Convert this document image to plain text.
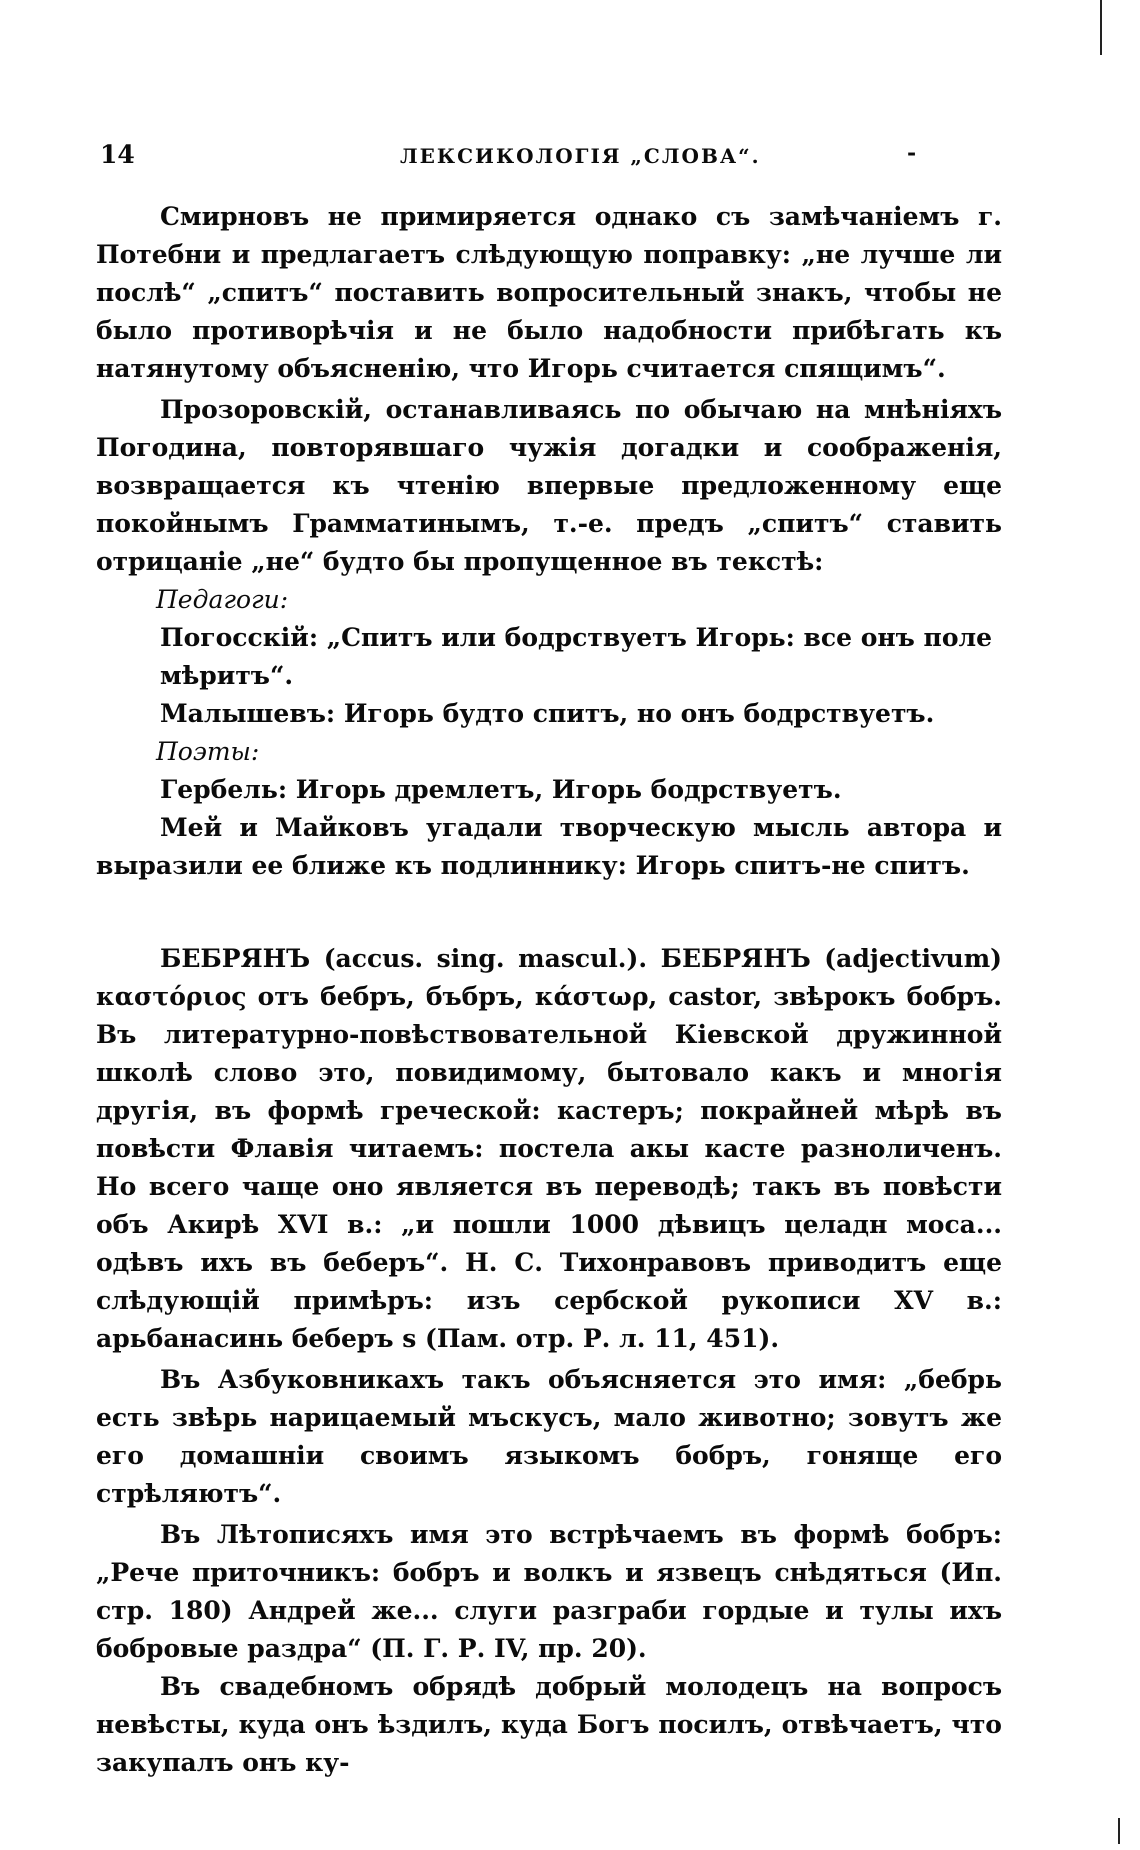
14	ЛЕКСИКОЛОГІЯ „СЛОВА“.	-

Смирновъ не примиряется однако съ замѣчаніемъ г. Потебни и предлагаетъ слѣдующую поправку: „не лучше ли послѣ“ „спитъ“ поставить вопросительный знакъ, чтобы не было противорѣчія и не было надобности прибѣгать къ натянутому объясненію, что Игорь считается спящимъ“.

Прозоровскій, останавливаясь по обычаю на мнѣніяхъ Погодина, повторявшаго чужія догадки и соображенія, возвращается къ чтенію впервые предложенному еще покойнымъ Грамматинымъ, т.-е. предъ „спитъ“ ставить отрицаніе „не“ будто бы пропущенное въ текстѣ:

Педагоги:

Погосскій: „Спитъ или бодрствуетъ Игорь: все онъ поле мѣритъ“.

Малышевъ: Игорь будто спитъ, но онъ бодрствуетъ.

Поэты:

Гербель: Игорь дремлетъ, Игорь бодрствуетъ.

Мей и Майковъ угадали творческую мысль автора и выразили ее ближе къ подлиннику: Игорь спитъ-не спитъ.

БЕБРЯНЪ (accus. sing. mascul.). БЕБРЯНЪ (adjectivum) καστόριος отъ бебръ, бъбръ, κάστωρ, castor, звѣрокъ бобръ. Въ литературно-повѣствовательной Кіевской дружинной школѣ слово это, повидимому, бытовало какъ и многія другія, въ формѣ греческой: кастеръ; покрайней мѣрѣ въ повѣсти Флавія читаемъ: постела акы касте разноличенъ. Но всего чаще оно является въ переводѣ; такъ въ повѣсти объ Акирѣ XVI в.: „и пошли 1000 дѣвицъ целадн моса... одѣвъ ихъ въ беберъ“. Н. С. Тихонравовъ приводитъ еще слѣдующій примѣръ: изъ сербской рукописи XV в.: арьбанасинь беберъ ѕ (Пам. отр. Р. л. 11, 451).

Въ Азбуковникахъ такъ объясняется это имя: „бебрь есть звѣрь нарицаемый мъскусъ, мало животно; зовутъ же его домашніи своимъ языкомъ бобръ, гоняще его стрѣляютъ“.

Въ Лѣтописяхъ имя это встрѣчаемъ въ формѣ бобръ: „Рече приточникъ: бобръ и волкъ и язвецъ снѣдяться (Ип. стр. 180) Андрей же... слуги разграби гордые и тулы ихъ бобровые раздра“ (П. Г. Р. IV, пр. 20).

Въ свадебномъ обрядѣ добрый молодецъ на вопросъ невѣсты, куда онъ ѣздилъ, куда Богъ посилъ, отвѣчаетъ, что закупалъ онъ ку-
